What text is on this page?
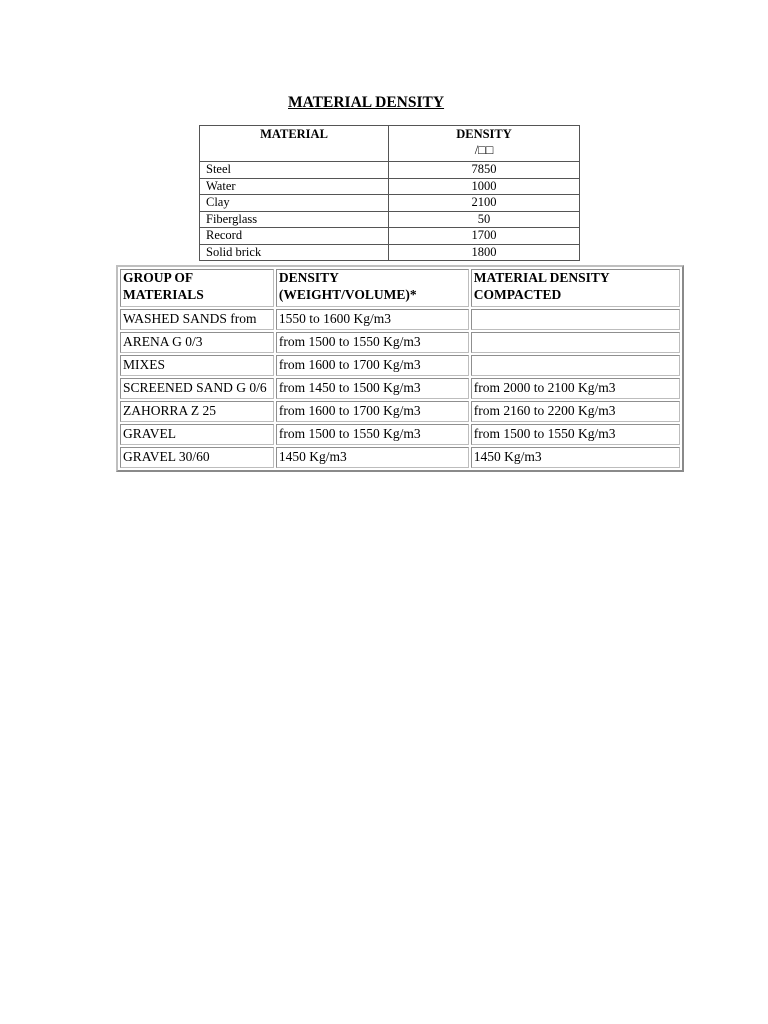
MATERIAL DENSITY
MATERIAL	DENSITY
/□□

Steel	7850
Water	1000
Clay	2100
Fiberglass	50
Record	1700
Solid brick	1800
GROUP OF MATERIALS	DENSITY (WEIGHT/VOLUME)*	MATERIAL DENSITY COMPACTED
WASHED SANDS from	1550 to 1600 Kg/m3	
ARENA G 0/3	from 1500 to 1550 Kg/m3	
MIXES	from 1600 to 1700 Kg/m3	
SCREENED SAND G 0/6	from 1450 to 1500 Kg/m3	from 2000 to 2100 Kg/m3
ZAHORRA Z 25	from 1600 to 1700 Kg/m3	from 2160 to 2200 Kg/m3
GRAVEL	from 1500 to 1550 Kg/m3	from 1500 to 1550 Kg/m3
GRAVEL 30/60	1450 Kg/m3	1450 Kg/m3
